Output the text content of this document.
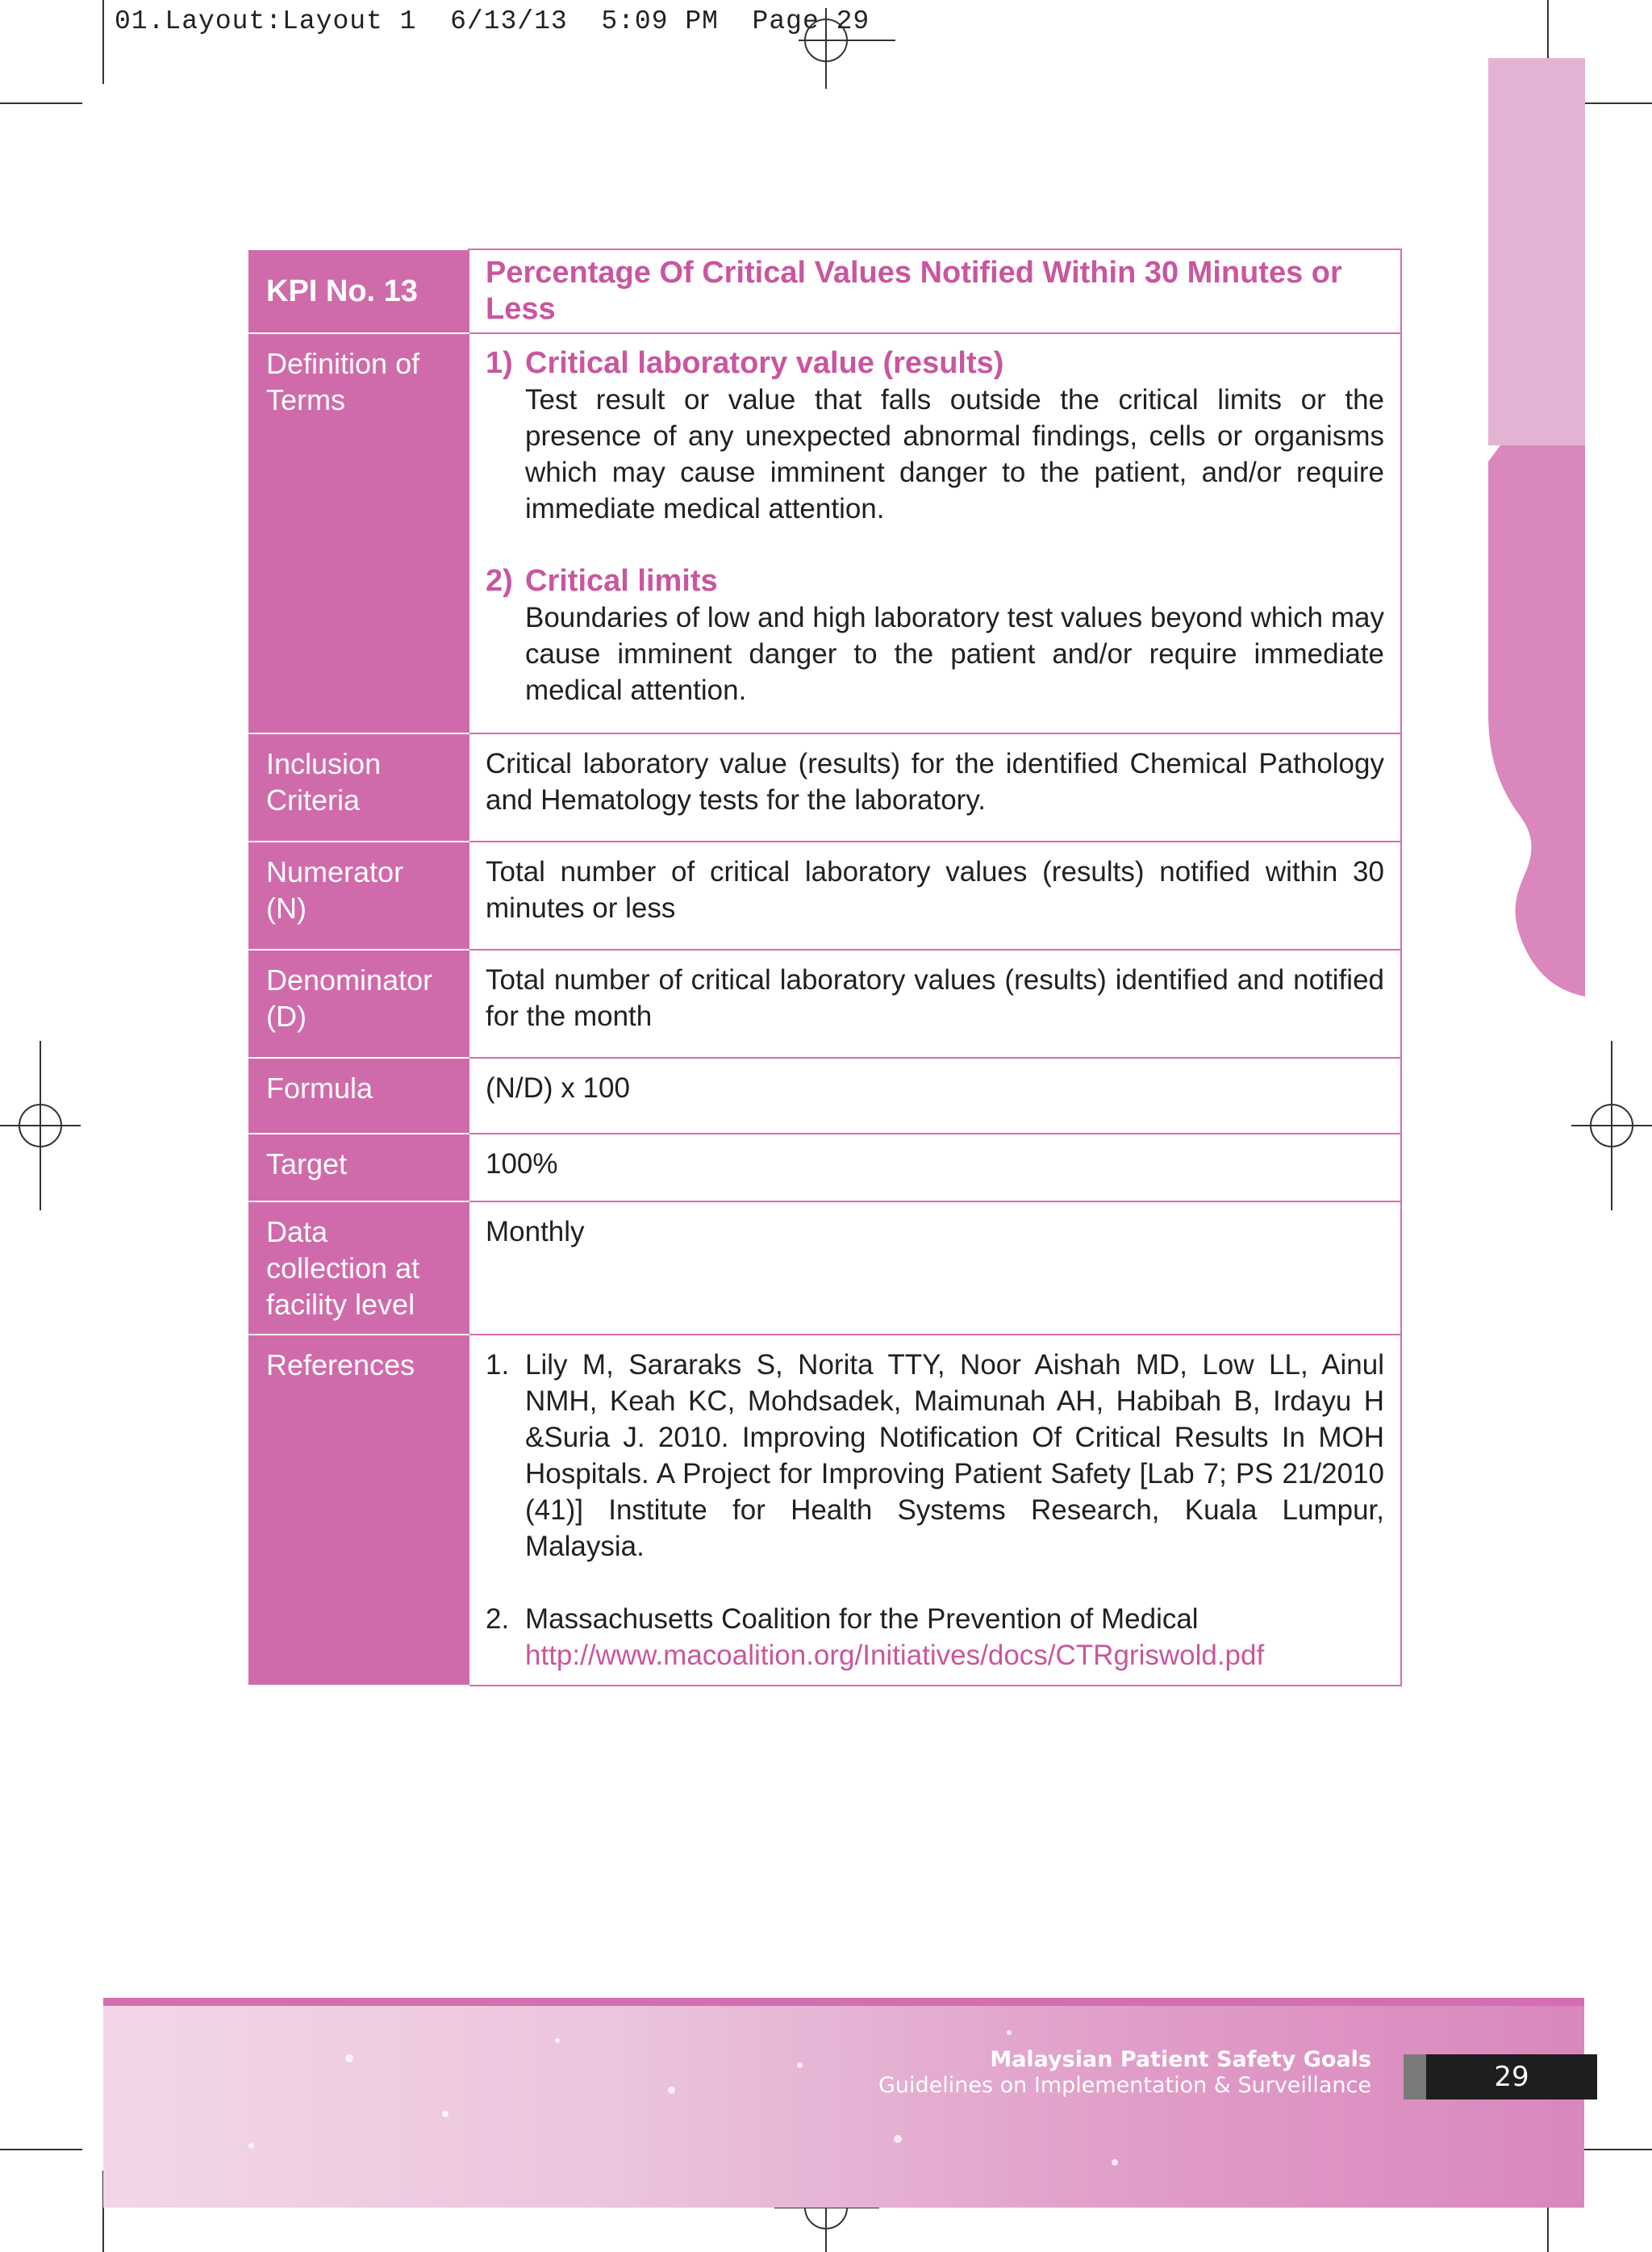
01.Layout:Layout 1 6/13/13 5:09 PM Page 29
KPI No. 13	Percentage Of Critical Values Notified Within 30 Minutes or Less
Definition of Terms	1) Critical laboratory value (results)
Test result or value that falls outside the critical limits or the presence of any unexpected abnormal findings, cells or organisms which may cause imminent danger to the patient, and/or require immediate medical attention.
2) Critical limits
Boundaries of low and high laboratory test values beyond which may cause imminent danger to the patient and/or require immediate medical attention.

Inclusion Criteria	Critical laboratory value (results) for the identified Chemical Pathology and Hematology tests for the laboratory.
Numerator (N)	Total number of critical laboratory values (results) notified within 30 minutes or less
Denominator (D)	Total number of critical laboratory values (results) identified and notified for the month
Formula	(N/D) x 100
Target	100%
Data collection at facility level	Monthly
References	1. Lily M, Sararaks S, Norita TTY, Noor Aishah MD, Low LL, Ainul NMH, Keah KC, Mohdsadek, Maimunah AH, Habibah B, Irdayu H &Suria J. 2010. Improving Notification Of Critical Results In MOH Hospitals. A Project for Improving Patient Safety [Lab 7; PS 21/2010 (41)] Institute for Health Systems Research, Kuala Lumpur, Malaysia.
2. Massachusetts Coalition for the Prevention of Medical
http://www.macoalition.org/Initiatives/docs/CTRgriswold.pdf
Malaysian Patient Safety Goals
Guidelines on Implementation & Surveillance	29
